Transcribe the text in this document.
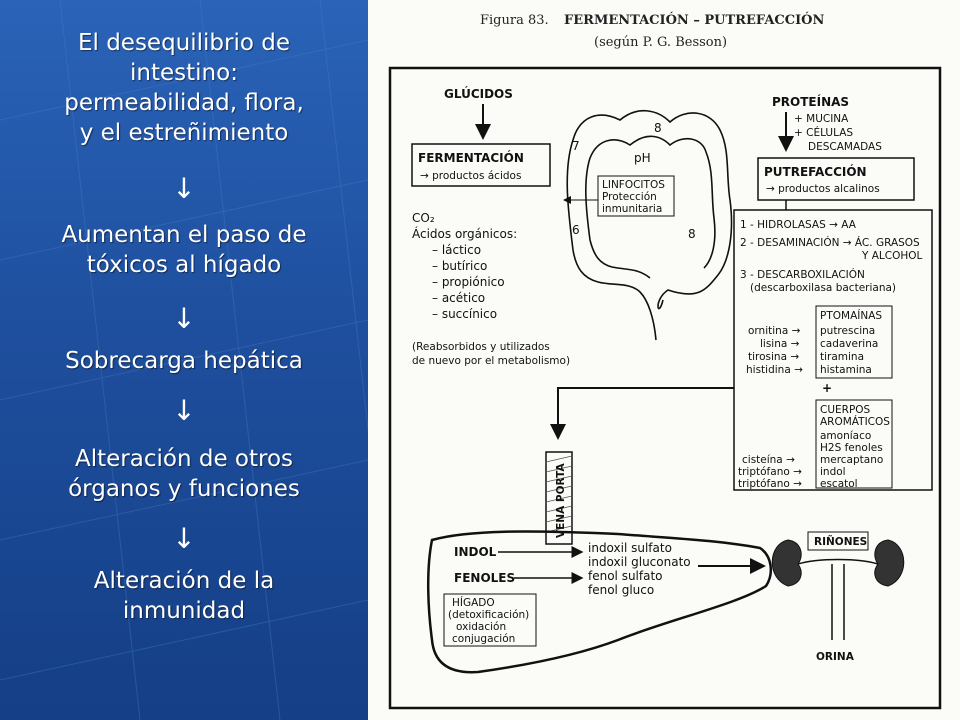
El desequilibrio de
intestino:
permeabilidad, flora,
y el estreñimiento
↓
Aumentan el paso de
tóxicos al hígado
↓
Sobrecarga hepática
↓
Alteración de otros
órganos y funciones
↓
Alteración de la
inmunidad
Figura 83. FERMENTACIÓN – PUTREFACCIÓN
(según P. G. Besson)
GLÚCIDOS
FERMENTACIÓN
→ productos ácidos
8
7
6	8
pH
LINFOCITOS
Protección
inmunitaria
CO₂
Ácidos orgánicos:
– láctico
– butírico
– propiónico
– acético
– succínico
(Reabsorbidos y utilizados
de nuevo por el metabolismo)
PROTEÍNAS
+ MUCINA
+ CÉLULAS
DESCAMADAS
PUTREFACCIÓN
→ productos alcalinos
1 - HIDROLASAS → AA
2 - DESAMINACIÓN → ÁC. GRASOS
Y ALCOHOL
3 - DESCARBOXILACIÓN
(descarboxilasa bacteriana)
PTOMAÍNAS
ornitina →
lisina →
tirosina →
histidina →
putrescina
cadaverina
tiramina
histamina
+
CUERPOS
AROMÁTICOS
amoníaco
H2S fenoles
mercaptano
indol
escatol
cisteína →
triptófano →
triptófano →
VENA PORTA
INDOL
FENOLES
indoxil sulfato
indoxil gluconato
fenol sulfato
fenol gluco
HÍGADO
(detoxificación)
oxidación
conjugación
RIÑONES
ORINA
